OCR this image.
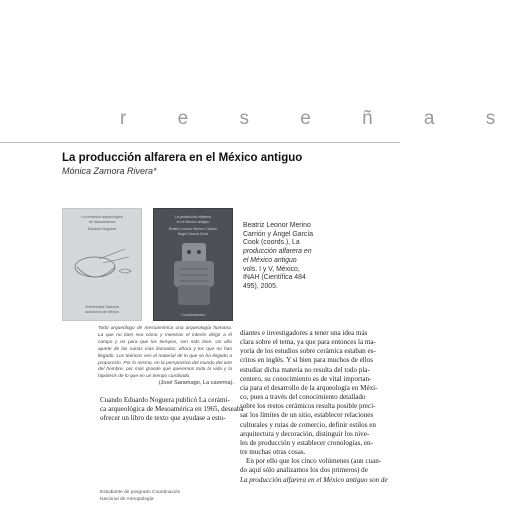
r e s e ñ a s
La producción alfarera en el México antiguo
Mónica Zamora Rivera*
La cerámica arqueológica
de Mesoamérica
Eduardo Noguera
Universidad Nacional
Autónoma de México
La producción alfarera
en el México antiguo
Beatriz Leonor Merino Carrión
Ángel García Cook
Coordinadores
Beatriz Leonor Merino
Carrión y Ángel García
Cook (coords.), La
producción alfarera en
el México antiguo
vols. I y V, México,
INAH (Científica 484
495), 2005.
Todo arqueólogo de mesoamérica una arqueología humana. La que no bien sea cómo y mientras el interés dirigir a él campo y no para que los tiempos, son más bien. Un año aparte de las ruinas más llamadas, ahora y los que no han llegado. Los teóricos ven el material de lo que se ha llegado a proporción. Por lo mismo, en la perspectiva del mundo del arte del hombre, por más grande qué queremos toda la vida y la hipótesis de lo que en un tiempo cambiado.
(José Saramago, La caverna).
Cuando Eduardo Noguera publicó La cerámi-
ca arqueológica de Mesoamérica en 1965, deseaba
ofrecer un libro de texto que ayudase a estu-
diantes e investigadores a tener una idea más
clara sobre el tema, ya que para entonces la ma-
yoría de los estudios sobre cerámica estaban es-
critos en inglés. Y si bien para muchos de ellos
estudiar dicha materia no resulta del todo pla-
centero, su conocimiento es de vital importan-
cia para el desarrollo de la arqueología en Méxi-
co, pues a través del conocimiento detallado
sobre los restos cerámicos resulta posible preci-
sar los límites de un sitio, establecer relaciones
culturales y rutas de comercio, definir estilos en
arquitectura y decoración, distinguir los nive-
les de producción y establecer cronologías, en-
tre muchas otras cosas.
En por ello que los cinco volúmenes (aun cuan-
do aquí sólo analizamos los dos primeros) de
La producción alfarera en el México antiguo son de
Estudiante de posgrado Coordinación
Nacional de Antropología
